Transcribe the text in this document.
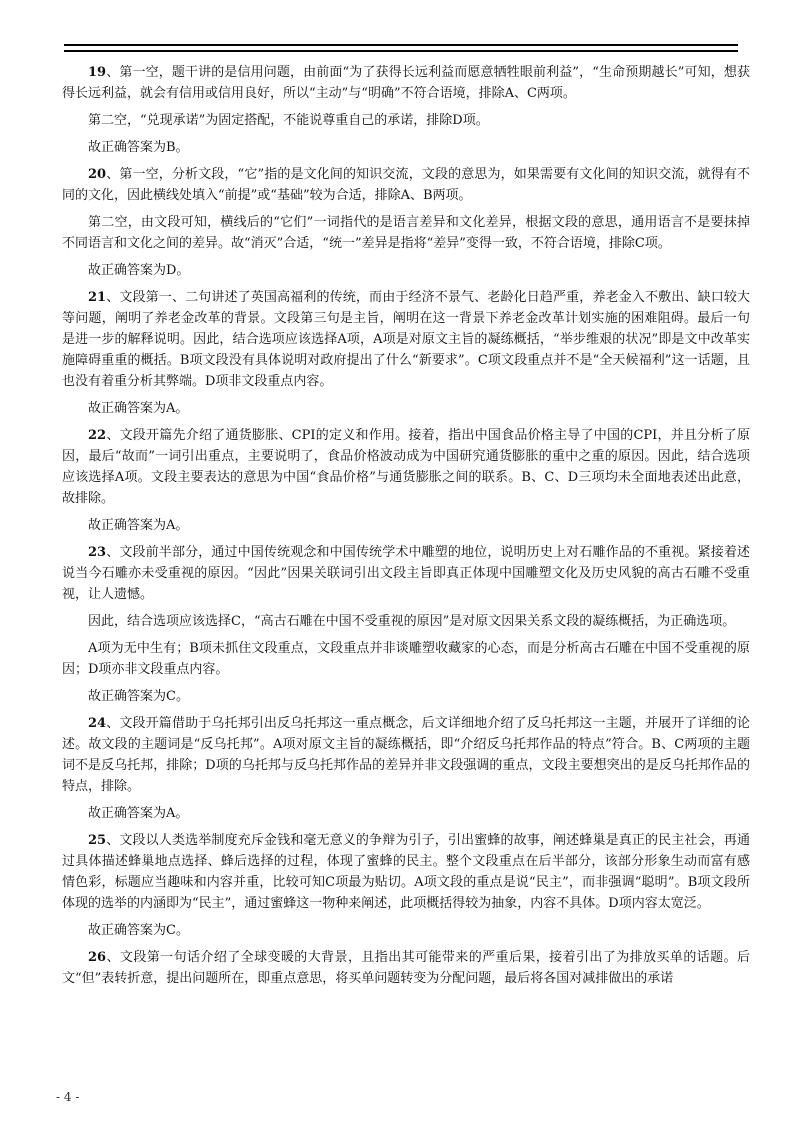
19、第一空，题干讲的是信用问题，由前面“为了获得长远利益而愿意牺牲眼前利益”，“生命预期越长”可知，想获得长远利益，就会有信用或信用良好，所以“主动”与“明确”不符合语境，排除A、C两项。

第二空，“兑现承诺”为固定搭配，不能说尊重自己的承诺，排除D项。

故正确答案为B。

20、第一空，分析文段，“它”指的是文化间的知识交流，文段的意思为，如果需要有文化间的知识交流，就得有不同的文化，因此横线处填入“前提”或“基础”较为合适，排除A、B两项。

第二空，由文段可知，横线后的“它们”一词指代的是语言差异和文化差异，根据文段的意思，通用语言不是要抹掉不同语言和文化之间的差异。故“消灭”合适，“统一”差异是指将“差异”变得一致，不符合语境，排除C项。

故正确答案为D。

21、文段第一、二句讲述了英国高福利的传统，而由于经济不景气、老龄化日趋严重，养老金入不敷出、缺口较大等问题，阐明了养老金改革的背景。文段第三句是主旨，阐明在这一背景下养老金改革计划实施的困难阻碍。最后一句是进一步的解释说明。因此，结合选项应该选择A项，A项是对原文主旨的凝练概括，“举步维艰的状况”即是文中改革实施障碍重重的概括。B项文段没有具体说明对政府提出了什么“新要求”。C项文段重点并不是“全天候福利”这一话题，且也没有着重分析其弊端。D项非文段重点内容。

故正确答案为A。

22、文段开篇先介绍了通货膨胀、CPI的定义和作用。接着，指出中国食品价格主导了中国的CPI，并且分析了原因，最后“故而”一词引出重点，主要说明了，食品价格波动成为中国研究通货膨胀的重中之重的原因。因此，结合选项应该选择A项。文段主要表达的意思为中国“食品价格”与通货膨胀之间的联系。B、C、D三项均未全面地表述出此意，故排除。

故正确答案为A。

23、文段前半部分，通过中国传统观念和中国传统学术中雕塑的地位，说明历史上对石雕作品的不重视。紧接着述说当今石雕亦未受重视的原因。“因此”因果关联词引出文段主旨即真正体现中国雕塑文化及历史风貌的高古石雕不受重视，让人遗憾。

因此，结合选项应该选择C，“高古石雕在中国不受重视的原因”是对原文因果关系文段的凝练概括，为正确选项。

A项为无中生有；B项未抓住文段重点，文段重点并非谈雕塑收藏家的心态，而是分析高古石雕在中国不受重视的原因；D项亦非文段重点内容。

故正确答案为C。

24、文段开篇借助于乌托邦引出反乌托邦这一重点概念，后文详细地介绍了反乌托邦这一主题，并展开了详细的论述。故文段的主题词是“反乌托邦”。A项对原文主旨的凝练概括，即“介绍反乌托邦作品的特点”符合。B、C两项的主题词不是反乌托邦，排除；D项的乌托邦与反乌托邦作品的差异并非文段强调的重点，文段主要想突出的是反乌托邦作品的特点，排除。

故正确答案为A。

25、文段以人类选举制度充斥金钱和毫无意义的争辩为引子，引出蜜蜂的故事，阐述蜂巢是真正的民主社会，再通过具体描述蜂巢地点选择、蜂后选择的过程，体现了蜜蜂的民主。整个文段重点在后半部分，该部分形象生动而富有感情色彩，标题应当趣味和内容并重，比较可知C项最为贴切。A项文段的重点是说“民主”，而非强调“聪明”。B项文段所体现的选举的内涵即为“民主”，通过蜜蜂这一物种来阐述，此项概括得较为抽象，内容不具体。D项内容太宽泛。

故正确答案为C。

26、文段第一句话介绍了全球变暖的大背景，且指出其可能带来的严重后果，接着引出了为排放买单的话题。后文“但”表转折意，提出问题所在，即重点意思，将买单问题转变为分配问题，最后将各国对减排做出的承诺

- 4 -
